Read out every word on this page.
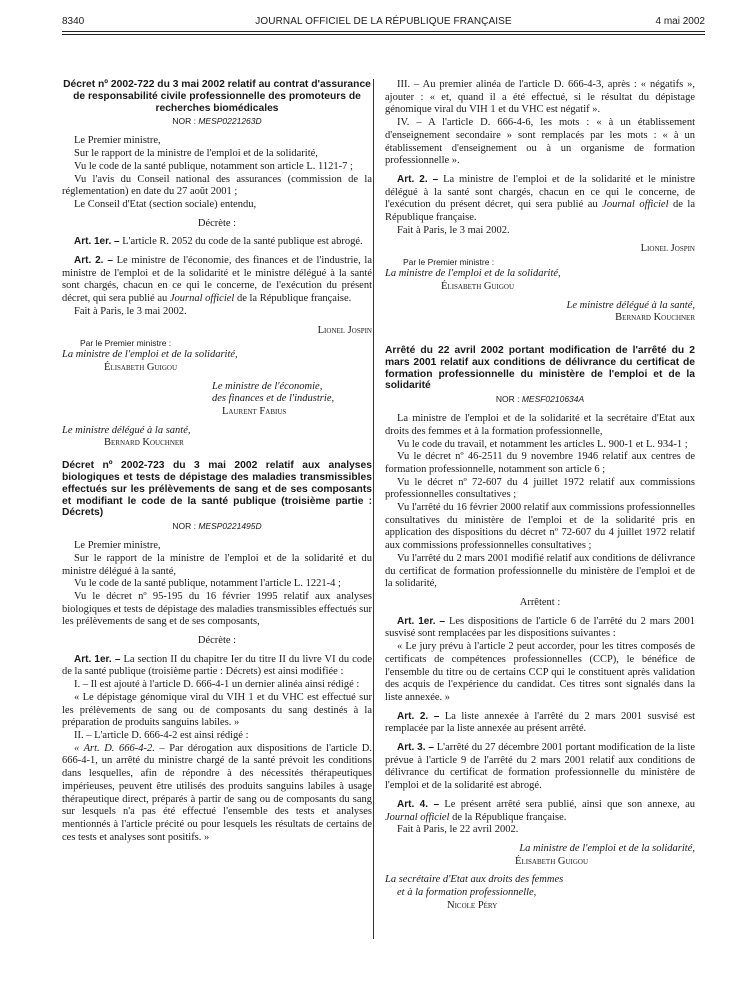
8340	JOURNAL OFFICIEL DE LA RÉPUBLIQUE FRANÇAISE	4 mai 2002
Décret nº 2002-722 du 3 mai 2002 relatif au contrat d'assurance de responsabilité civile professionnelle des promoteurs de recherches biomédicales
NOR : MESP0221263D

Le Premier ministre,

Sur le rapport de la ministre de l'emploi et de la solidarité,

Vu le code de la santé publique, notamment son article L. 1121-7 ;

Vu l'avis du Conseil national des assurances (commission de la réglementation) en date du 27 août 2001 ;

Le Conseil d'Etat (section sociale) entendu,

Décrète :

Art. 1er. – L'article R. 2052 du code de la santé publique est abrogé.

Art. 2. – Le ministre de l'économie, des finances et de l'industrie, la ministre de l'emploi et de la solidarité et le ministre délégué à la santé sont chargés, chacun en ce qui le concerne, de l'exécution du présent décret, qui sera publié au Journal officiel de la République française.

Fait à Paris, le 3 mai 2002.

Lionel Jospin
Par le Premier ministre :
La ministre de l'emploi et de la solidarité,
Élisabeth Guigou
Le ministre de l'économie,
des finances et de l'industrie,
Laurent Fabius
Le ministre délégué à la santé,
Bernard Kouchner
Décret nº 2002-723 du 3 mai 2002 relatif aux analyses biologiques et tests de dépistage des maladies transmissibles effectués sur les prélèvements de sang et de ses composants et modifiant le code de la santé publique (troisième partie : Décrets)
NOR : MESP0221495D

Le Premier ministre,

Sur le rapport de la ministre de l'emploi et de la solidarité et du ministre délégué à la santé,

Vu le code de la santé publique, notamment l'article L. 1221-4 ;

Vu le décret nº 95-195 du 16 février 1995 relatif aux analyses biologiques et tests de dépistage des maladies transmissibles effectués sur les prélèvements de sang et de ses composants,

Décrète :

Art. 1er. – La section II du chapitre Ier du titre II du livre VI du code de la santé publique (troisième partie : Décrets) est ainsi modifiée :

I. – Il est ajouté à l'article D. 666-4-1 un dernier alinéa ainsi rédigé :

« Le dépistage génomique viral du VIH 1 et du VHC est effectué sur les prélèvements de sang ou de composants du sang destinés à la préparation de produits sanguins labiles. »

II. – L'article D. 666-4-2 est ainsi rédigé :

« Art. D. 666-4-2. – Par dérogation aux dispositions de l'article D. 666-4-1, un arrêté du ministre chargé de la santé prévoit les conditions dans lesquelles, afin de répondre à des nécessités thérapeutiques impérieuses, peuvent être utilisés des produits sanguins labiles à usage thérapeutique direct, préparés à partir de sang ou de composants du sang sur lesquels n'a pas été effectué l'ensemble des tests et analyses mentionnés à l'article précité ou pour lesquels les résultats de certains de ces tests et analyses sont positifs. »

III. – Au premier alinéa de l'article D. 666-4-3, après : « négatifs », ajouter : « et, quand il a été effectué, si le résultat du dépistage génomique viral du VIH 1 et du VHC est négatif ».

IV. – A l'article D. 666-4-6, les mots : « à un établissement d'enseignement secondaire » sont remplacés par les mots : « à un établissement d'enseignement ou à un organisme de formation professionnelle ».

Art. 2. – La ministre de l'emploi et de la solidarité et le ministre délégué à la santé sont chargés, chacun en ce qui le concerne, de l'exécution du présent décret, qui sera publié au Journal officiel de la République française.

Fait à Paris, le 3 mai 2002.

Lionel Jospin
Par le Premier ministre :
La ministre de l'emploi et de la solidarité,
Élisabeth Guigou
Le ministre délégué à la santé,
Bernard Kouchner
Arrêté du 22 avril 2002 portant modification de l'arrêté du 2 mars 2001 relatif aux conditions de délivrance du certificat de formation professionnelle du ministère de l'emploi et de la solidarité
NOR : MESF0210634A

La ministre de l'emploi et de la solidarité et la secrétaire d'Etat aux droits des femmes et à la formation professionnelle,

Vu le code du travail, et notamment les articles L. 900-1 et L. 934-1 ;

Vu le décret nº 46-2511 du 9 novembre 1946 relatif aux centres de formation professionnelle, notamment son article 6 ;

Vu le décret nº 72-607 du 4 juillet 1972 relatif aux commissions professionnelles consultatives ;

Vu l'arrêté du 16 février 2000 relatif aux commissions professionnelles consultatives du ministère de l'emploi et de la solidarité pris en application des dispositions du décret nº 72-607 du 4 juillet 1972 relatif aux commissions professionnelles consultatives ;

Vu l'arrêté du 2 mars 2001 modifié relatif aux conditions de délivrance du certificat de formation professionnelle du ministère de l'emploi et de la solidarité,

Arrêtent :

Art. 1er. – Les dispositions de l'article 6 de l'arrêté du 2 mars 2001 susvisé sont remplacées par les dispositions suivantes :

« Le jury prévu à l'article 2 peut accorder, pour les titres composés de certificats de compétences professionnelles (CCP), le bénéfice de l'ensemble du titre ou de certains CCP qui le constituent après validation des acquis de l'expérience du candidat. Ces titres sont signalés dans la liste annexée. »

Art. 2. – La liste annexée à l'arrêté du 2 mars 2001 susvisé est remplacée par la liste annexée au présent arrêté.

Art. 3. – L'arrêté du 27 décembre 2001 portant modification de la liste prévue à l'article 9 de l'arrêté du 2 mars 2001 relatif aux conditions de délivrance du certificat de formation professionnelle du ministère de l'emploi et de la solidarité est abrogé.

Art. 4. – Le présent arrêté sera publié, ainsi que son annexe, au Journal officiel de la République française.

Fait à Paris, le 22 avril 2002.

La ministre de l'emploi et de la solidarité,
Élisabeth Guigou
La secrétaire d'Etat aux droits des femmes
et à la formation professionnelle,
Nicole Péry
